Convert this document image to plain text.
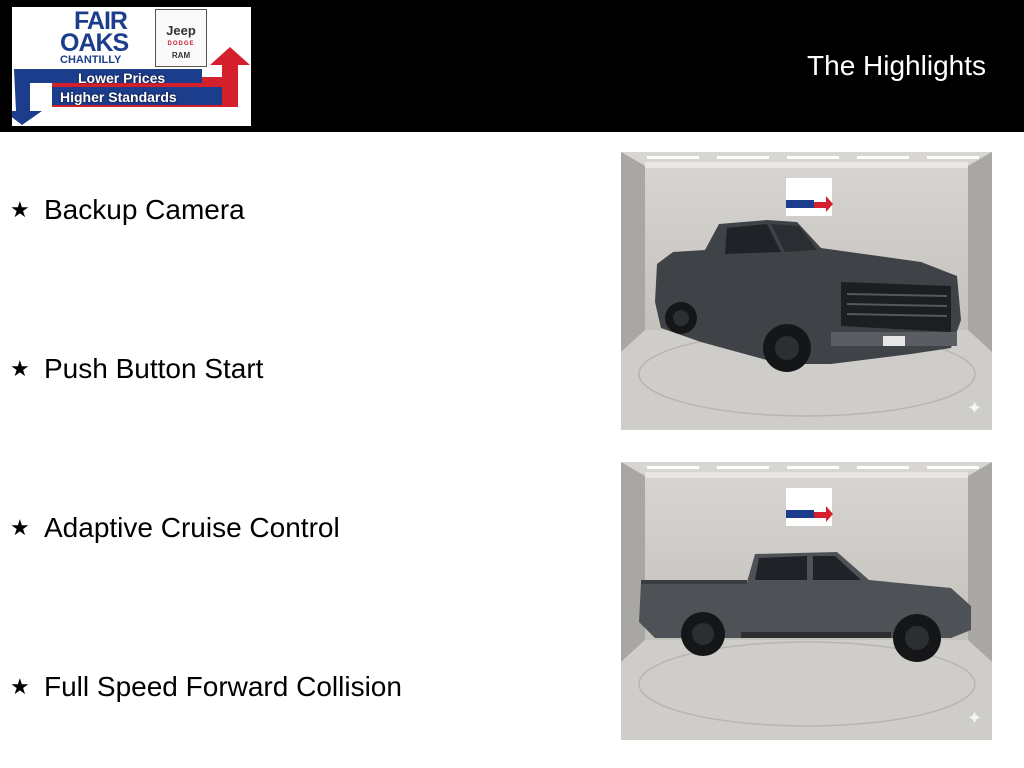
FAIR
OAKS
CHANTILLY
Jeep
DODGE
RAM
Lower Prices
Higher Standards
The Highlights
★ Backup Camera
★ Push Button Start
★ Adaptive Cruise Control
★ Full Speed Forward Collision
✦
✦
